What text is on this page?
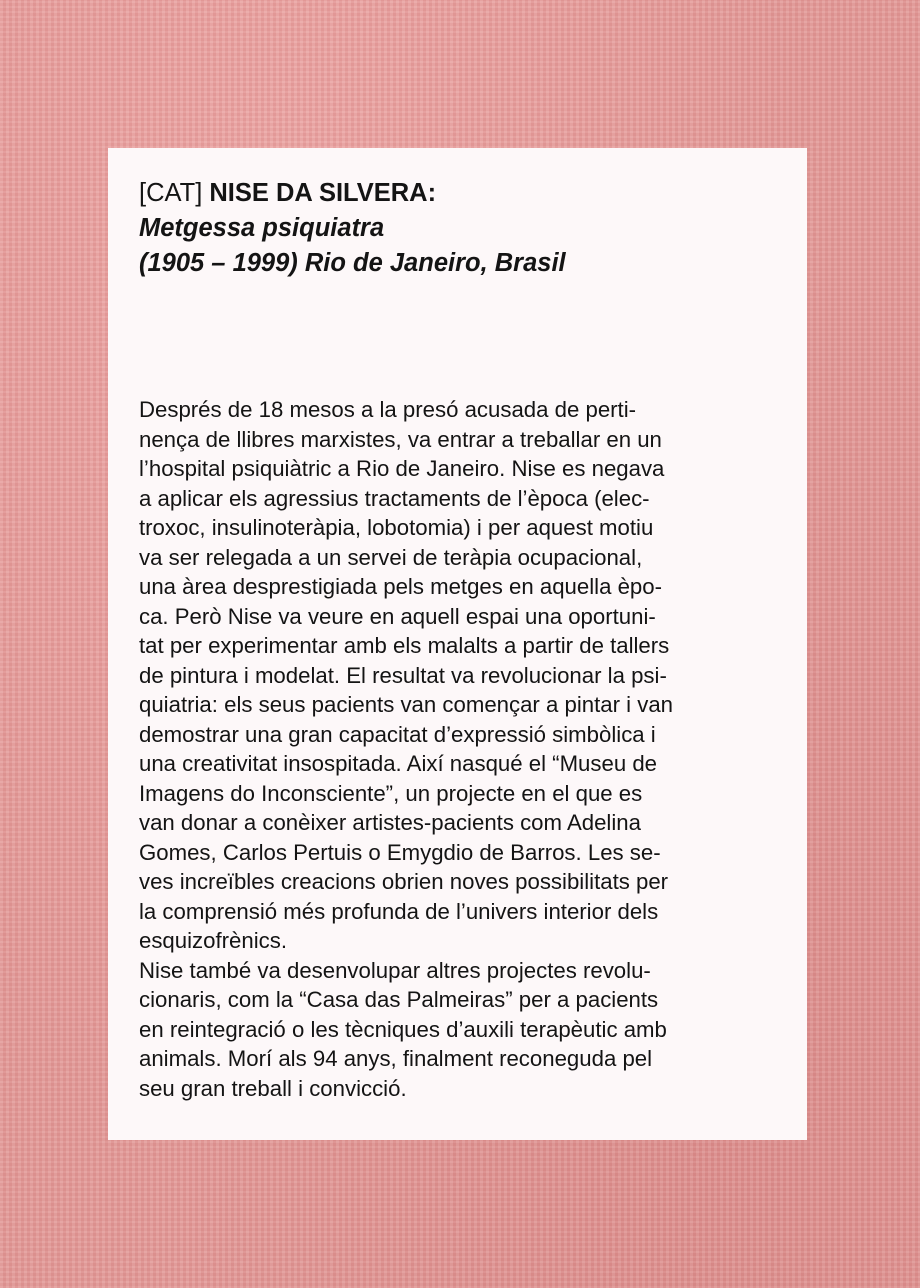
[CAT] NISE DA SILVERA:
Metgessa psiquiatra
(1905 – 1999) Rio de Janeiro, Brasil

Després de 18 mesos a la presó acusada de perti-
nença de llibres marxistes, va entrar a treballar en un
l’hospital psiquiàtric a Rio de Janeiro. Nise es negava
a aplicar els agressius tractaments de l’època (elec-
troxoc, insulinoteràpia, lobotomia) i per aquest motiu
va ser relegada a un servei de teràpia ocupacional,
una àrea desprestigiada pels metges en aquella èpo-
ca. Però Nise va veure en aquell espai una oportuni-
tat per experimentar amb els malalts a partir de tallers
de pintura i modelat. El resultat va revolucionar la psi-
quiatria: els seus pacients van començar a pintar i van
demostrar una gran capacitat d’expressió simbòlica i
una creativitat insospitada. Així nasqué el “Museu de
Imagens do Inconsciente”, un projecte en el que es
van donar a conèixer artistes-pacients com Adelina
Gomes, Carlos Pertuis o Emygdio de Barros. Les se-
ves increïbles creacions obrien noves possibilitats per
la comprensió més profunda de l’univers interior dels
esquizofrènics.

Nise també va desenvolupar altres projectes revolu-
cionaris, com la “Casa das Palmeiras” per a pacients
en reintegració o les tècniques d’auxili terapèutic amb
animals. Morí als 94 anys, finalment reconeguda pel
seu gran treball i convicció.
